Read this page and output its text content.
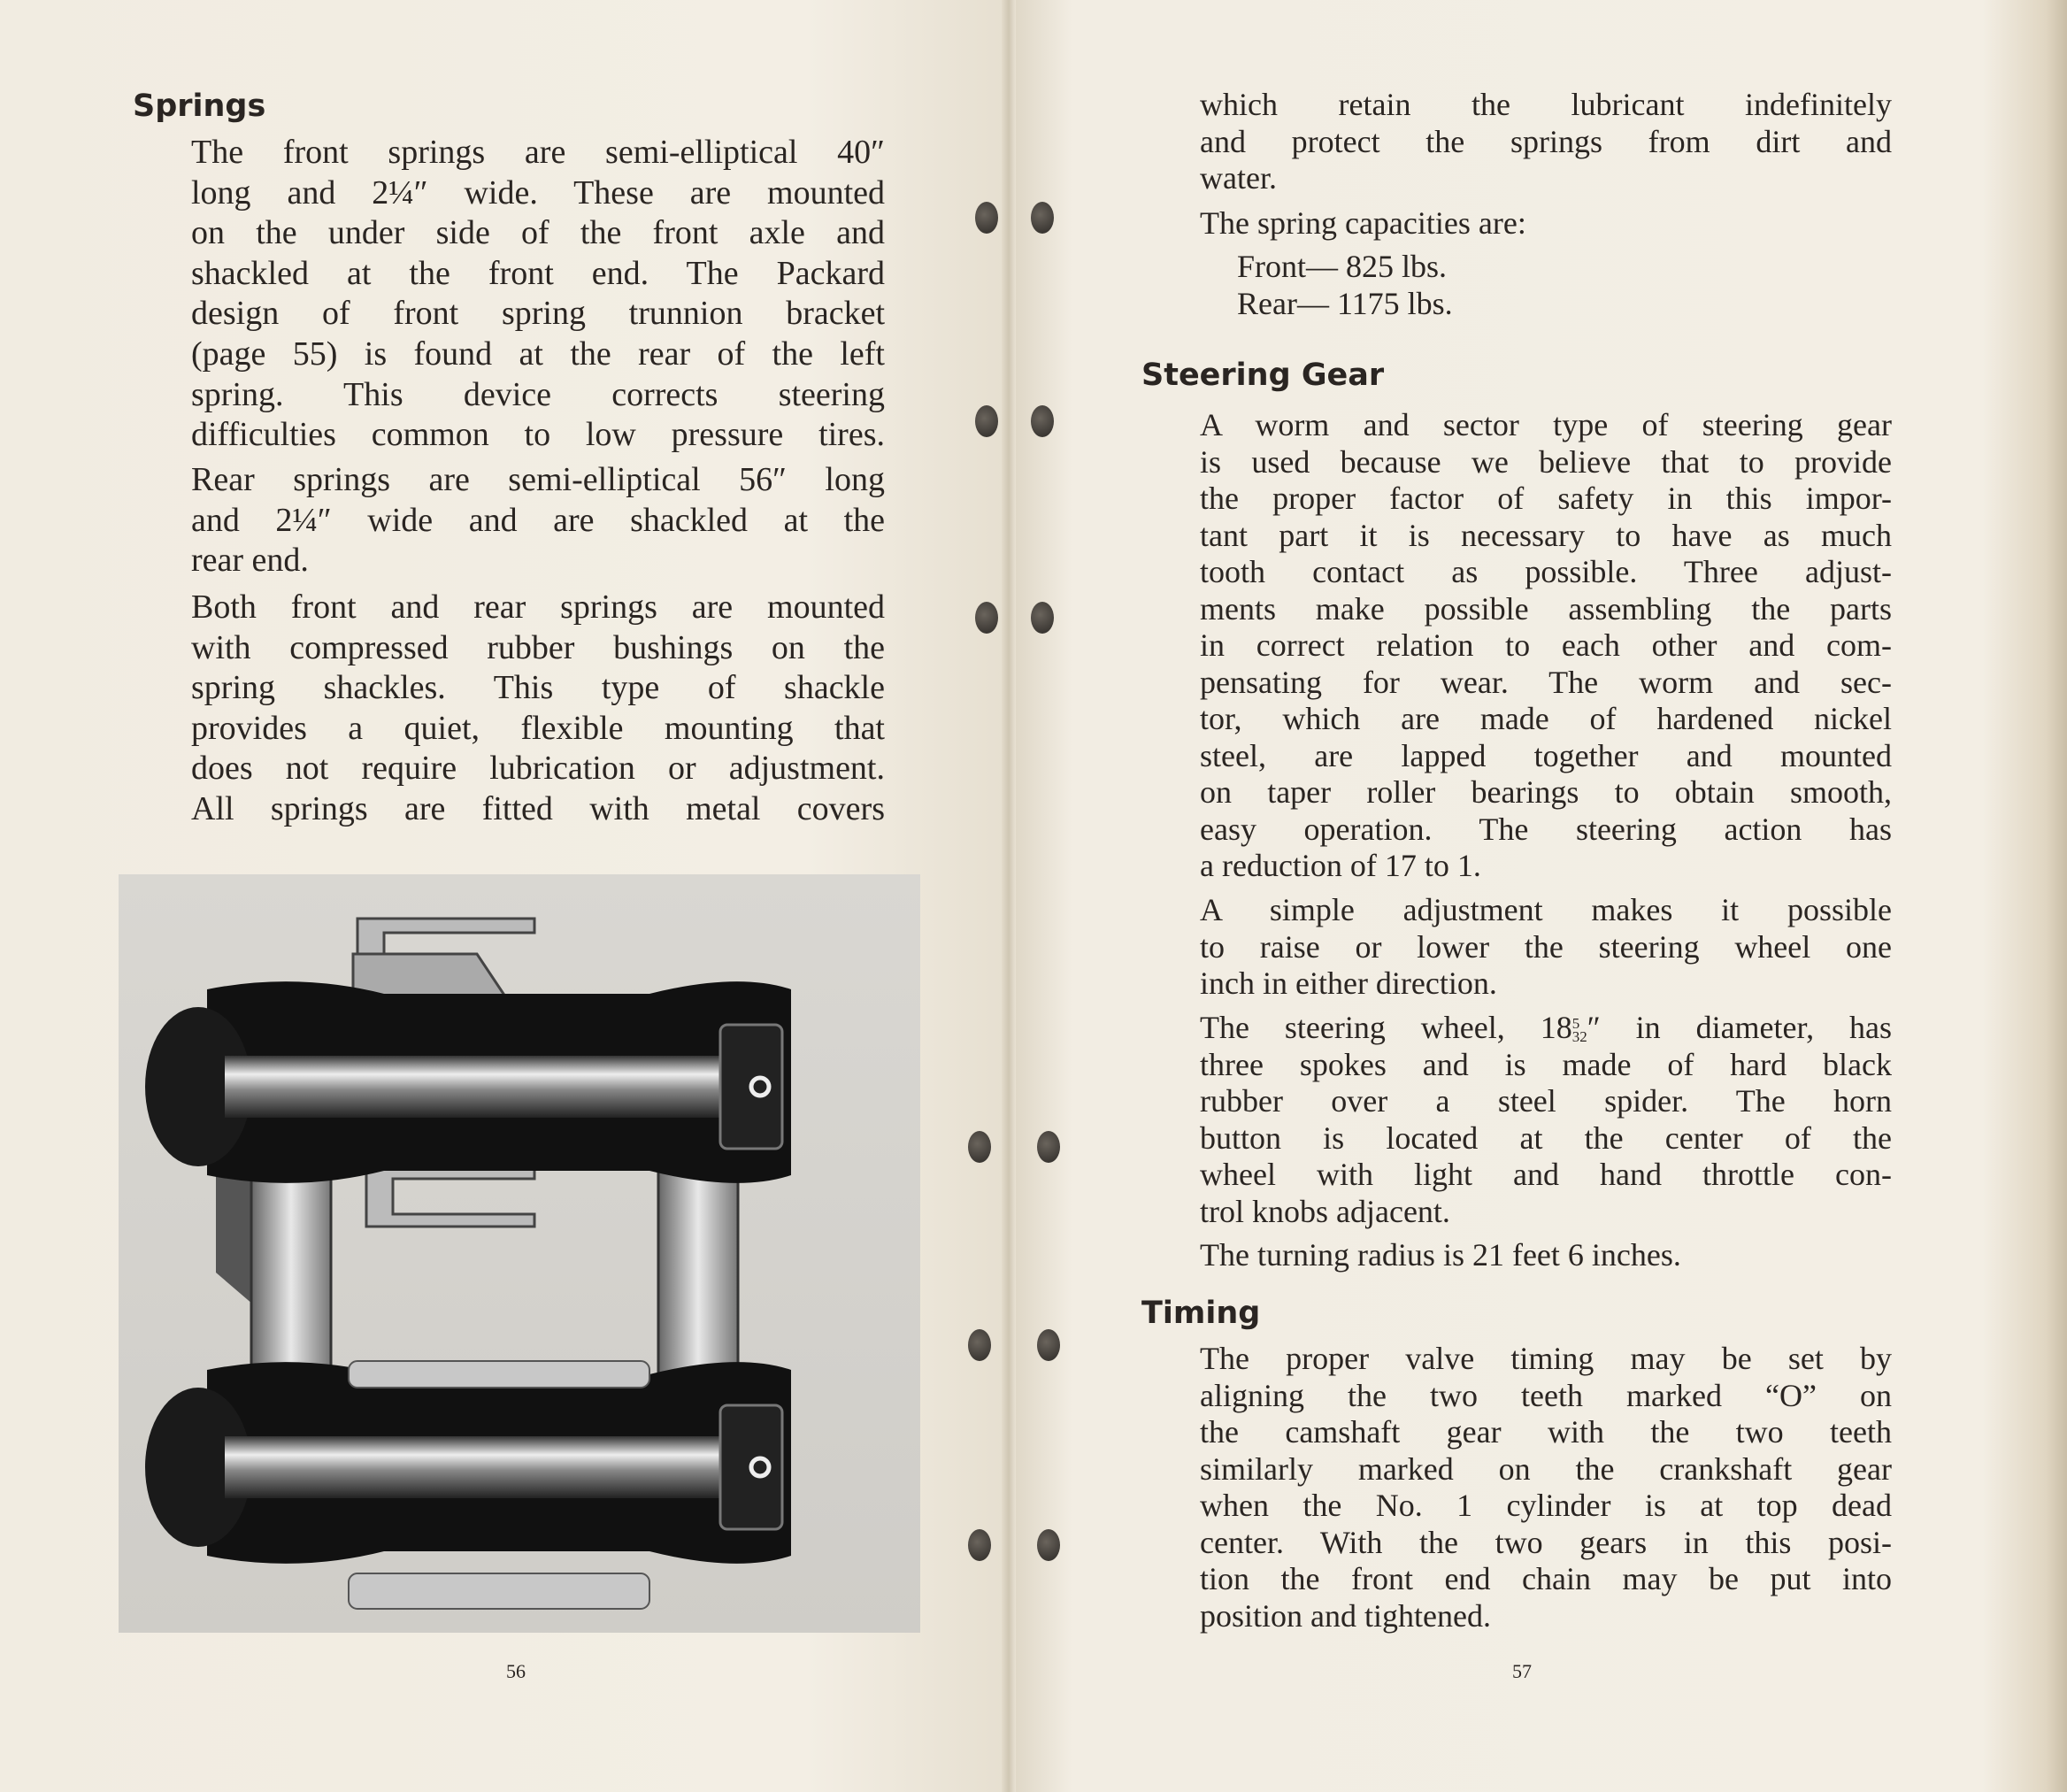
Springs
The front springs are semi-elliptical 40″
long and 2¼″ wide. These are mounted
on the under side of the front axle and
shackled at the front end. The Packard
design of front spring trunnion bracket
(page 55) is found at the rear of the left
spring. This device corrects steering
difficulties common to low pressure tires.
Rear springs are semi-elliptical 56″ long
and 2¼″ wide and are shackled at the
rear end.
Both front and rear springs are mounted
with compressed rubber bushings on the
spring shackles. This type of shackle
provides a quiet, flexible mounting that
does not require lubrication or adjustment.
All springs are fitted with metal covers
56
which retain the lubricant indefinitely
and protect the springs from dirt and
water.
The spring capacities are:
Front— 825 lbs.
Rear— 1175 lbs.
Steering Gear
A worm and sector type of steering gear
is used because we believe that to provide
the proper factor of safety in this impor-
tant part it is necessary to have as much
tooth contact as possible. Three adjust-
ments make possible assembling the parts
in correct relation to each other and com-
pensating for wear. The worm and sec-
tor, which are made of hardened nickel
steel, are lapped together and mounted
on taper roller bearings to obtain smooth,
easy operation. The steering action has
a reduction of 17 to 1.
A simple adjustment makes it possible
to raise or lower the steering wheel one
inch in either direction.
The steering wheel, 18 5
32 ″ in diameter, has
three spokes and is made of hard black
rubber over a steel spider. The horn
button is located at the center of the
wheel with light and hand throttle con-
trol knobs adjacent.
The turning radius is 21 feet 6 inches.
Timing
The proper valve timing may be set by
aligning the two teeth marked “O” on
the camshaft gear with the two teeth
similarly marked on the crankshaft gear
when the No. 1 cylinder is at top dead
center. With the two gears in this posi-
tion the front end chain may be put into
position and tightened.
57
